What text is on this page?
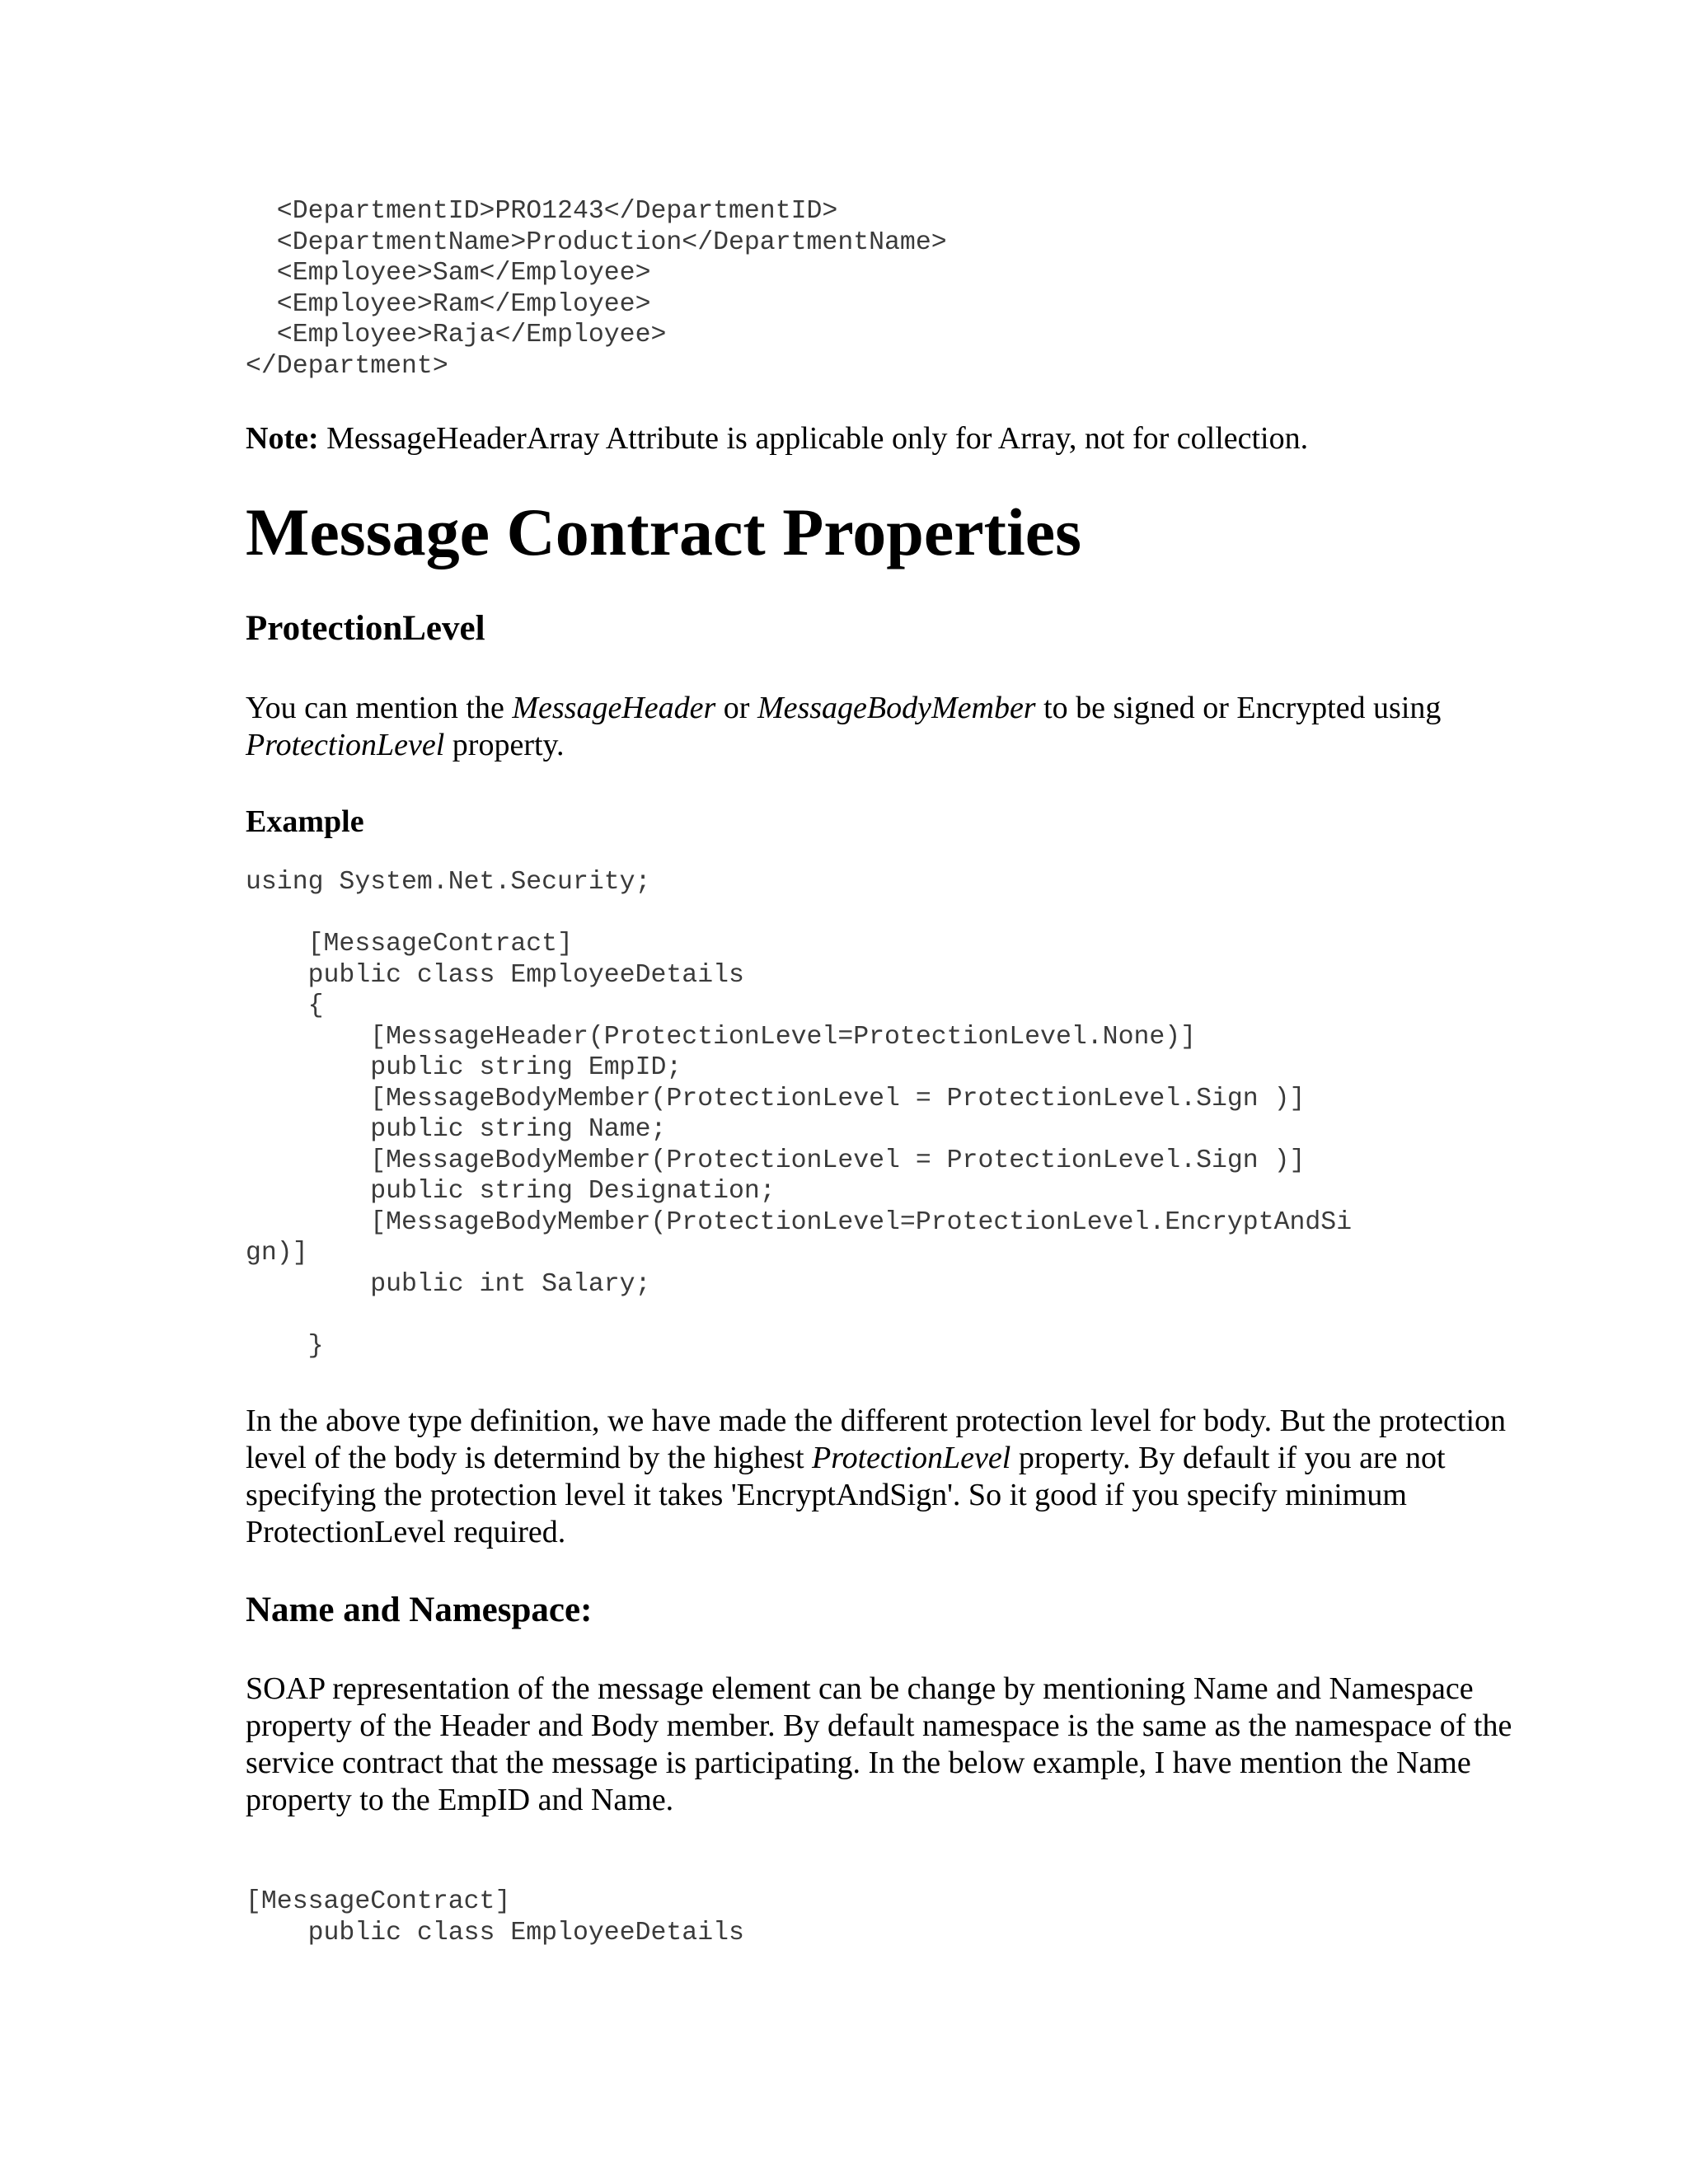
<DepartmentID>PRO1243</DepartmentID>
<DepartmentName>Production</DepartmentName>
<Employee>Sam</Employee>
<Employee>Ram</Employee>
<Employee>Raja</Employee>
</Department>

Note: MessageHeaderArray Attribute is applicable only for Array, not for collection.

Message Contract Properties
ProtectionLevel

You can mention the MessageHeader or MessageBodyMember to be signed or Encrypted using ProtectionLevel property.

Example
using System.Net.Security;
[MessageContract]
public class EmployeeDetails
{
[MessageHeader(ProtectionLevel=ProtectionLevel.None)]
public string EmpID;
[MessageBodyMember(ProtectionLevel = ProtectionLevel.Sign )]
public string Name;
[MessageBodyMember(ProtectionLevel = ProtectionLevel.Sign )]
public string Designation;
[MessageBodyMember(ProtectionLevel=ProtectionLevel.EncryptAndSi
gn)]
public int Salary;
}

In the above type definition, we have made the different protection level for body. But the protection level of the body is determind by the highest ProtectionLevel property. By default if you are not specifying the protection level it takes 'EncryptAndSign'. So it good if you specify minimum ProtectionLevel required.

Name and Namespace:

SOAP representation of the message element can be change by mentioning Name and Namespace property of the Header and Body member. By default namespace is the same as the namespace of the service contract that the message is participating. In the below example, I have mention the Name property to the EmpID and Name.

[MessageContract]
public class EmployeeDetails
